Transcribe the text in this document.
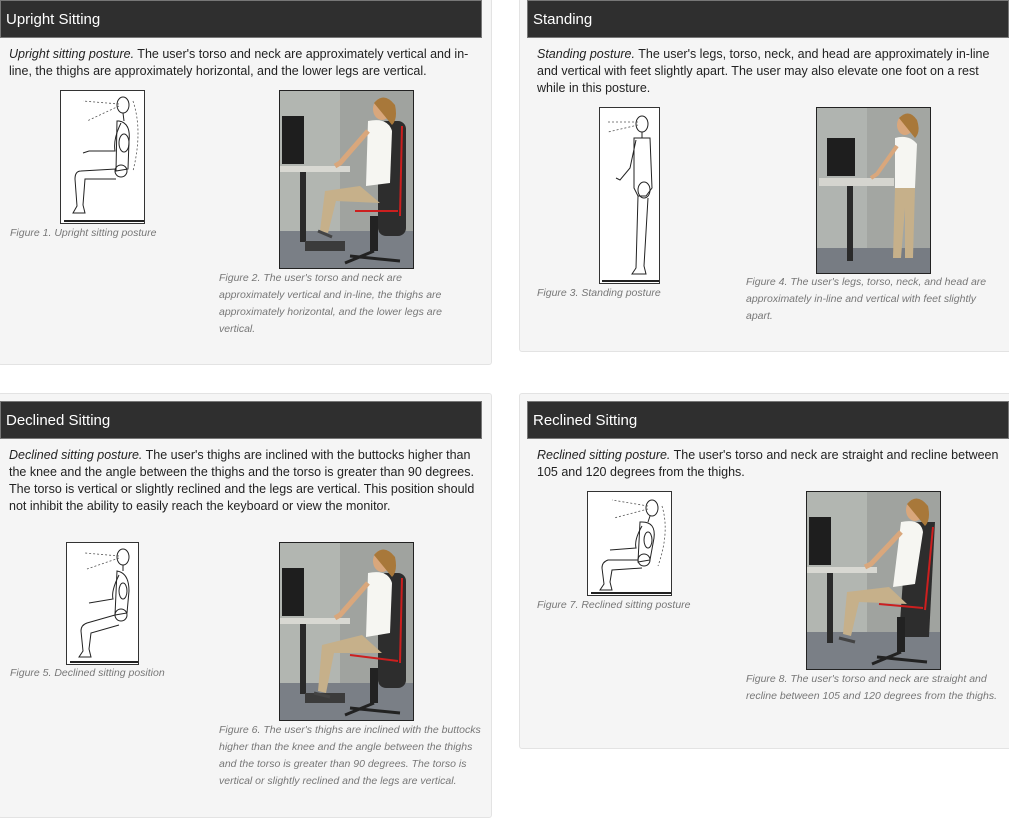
Upright Sitting
Upright sitting posture. The user's torso and neck are approximately vertical and in-line, the thighs are approximately horizontal, and the lower legs are vertical.
Figure 1. Upright sitting posture
Figure 2. The user's torso and neck are approximately vertical and in-line, the thighs are approximately horizontal, and the lower legs are vertical.
Standing
Standing posture. The user's legs, torso, neck, and head are approximately in-line and vertical with feet slightly apart. The user may also elevate one foot on a rest while in this posture.
Figure 3. Standing posture
Figure 4. The user's legs, torso, neck, and head are approximately in-line and vertical with feet slightly apart.
Declined Sitting
Declined sitting posture. The user's thighs are inclined with the buttocks higher than the knee and the angle between the thighs and the torso is greater than 90 degrees. The torso is vertical or slightly reclined and the legs are vertical. This position should not inhibit the ability to easily reach the keyboard or view the monitor.
Figure 5. Declined sitting position
Figure 6. The user's thighs are inclined with the buttocks higher than the knee and the angle between the thighs and the torso is greater than 90 degrees. The torso is vertical or slightly reclined and the legs are vertical.
Reclined Sitting
Reclined sitting posture. The user's torso and neck are straight and recline between 105 and 120 degrees from the thighs.
Figure 7. Reclined sitting posture
Figure 8. The user's torso and neck are straight and recline between 105 and 120 degrees from the thighs.
